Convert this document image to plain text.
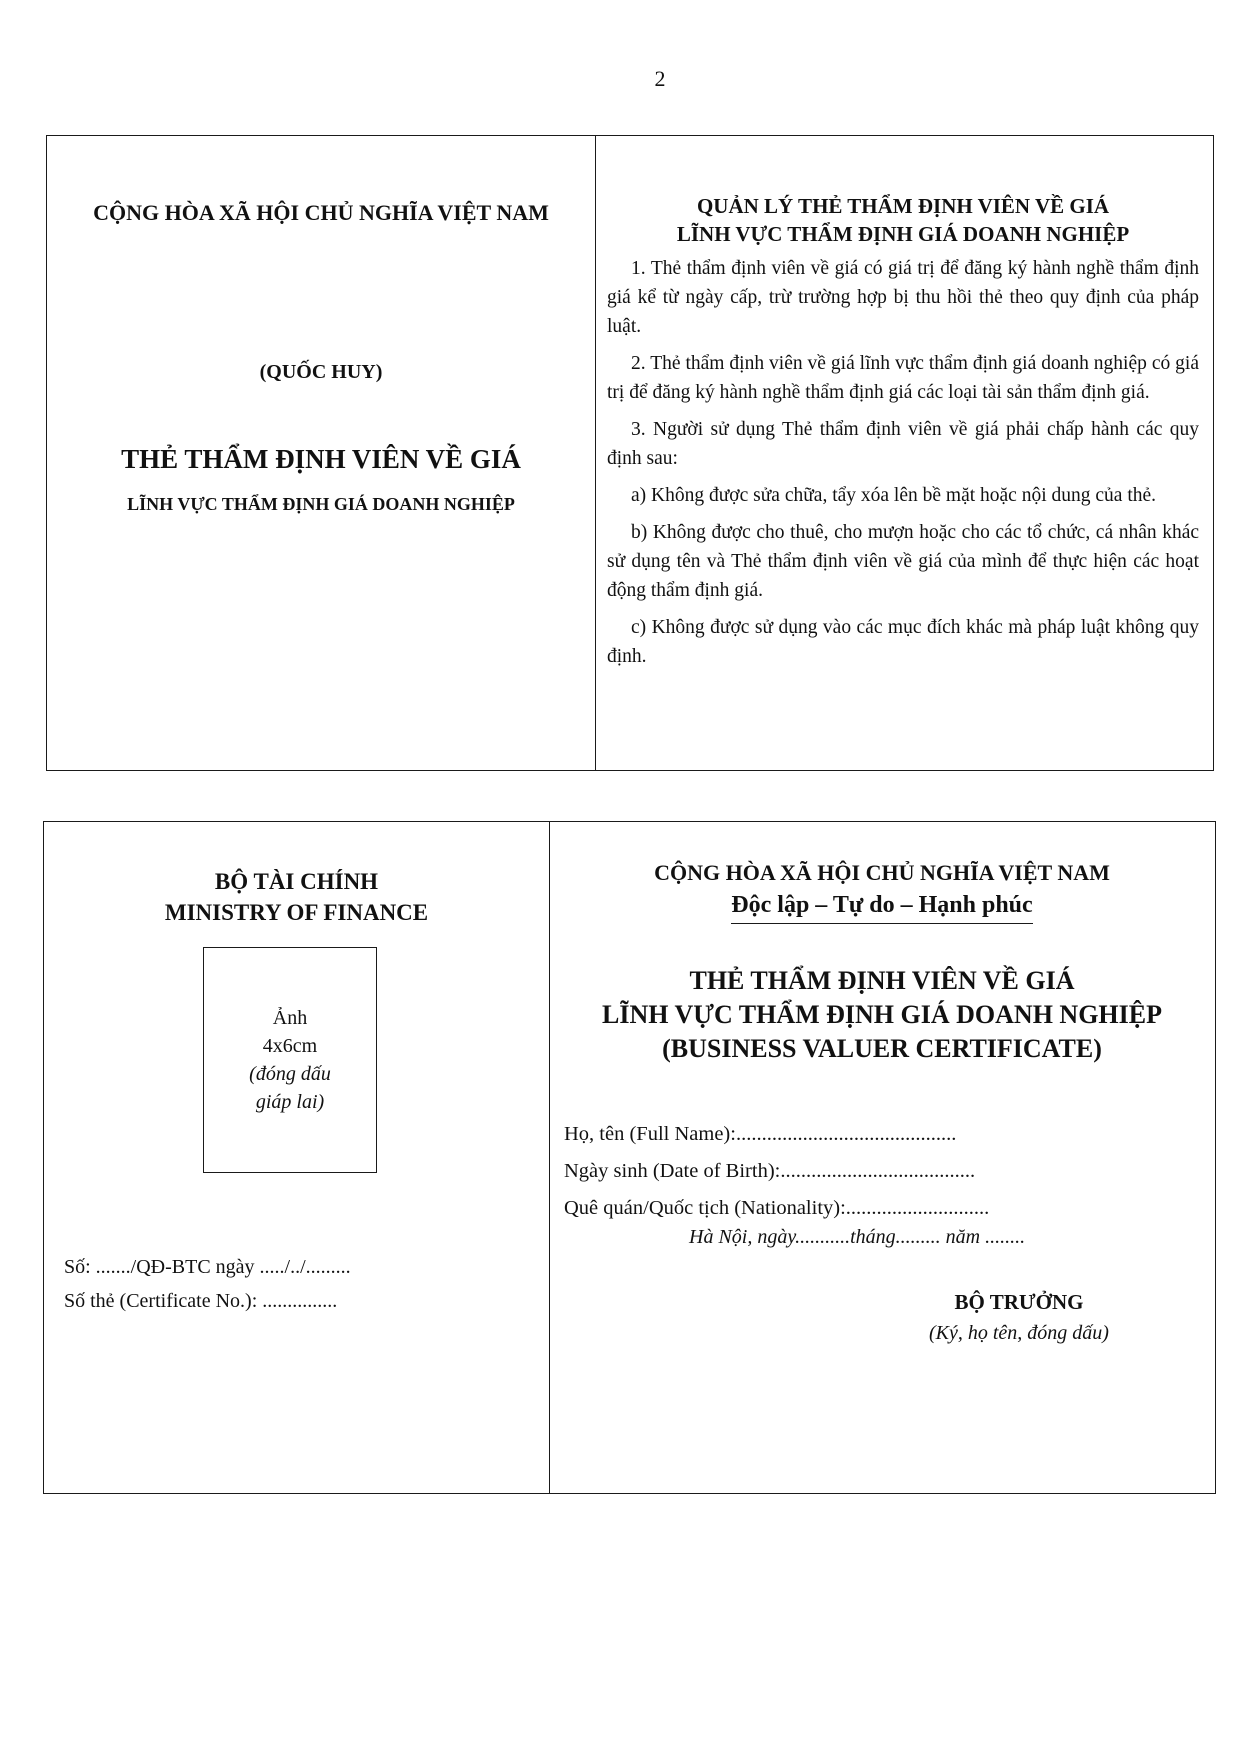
2
CỘNG HÒA XÃ HỘI CHỦ NGHĨA VIỆT NAM
(QUỐC HUY)
THẺ THẨM ĐỊNH VIÊN VỀ GIÁ
LĨNH VỰC THẨM ĐỊNH GIÁ DOANH NGHIỆP
QUẢN LÝ THẺ THẨM ĐỊNH VIÊN VỀ GIÁ
LĨNH VỰC THẨM ĐỊNH GIÁ DOANH NGHIỆP

1. Thẻ thẩm định viên về giá có giá trị để đăng ký hành nghề thẩm định giá kể từ ngày cấp, trừ trường hợp bị thu hồi thẻ theo quy định của pháp luật.

2. Thẻ thẩm định viên về giá lĩnh vực thẩm định giá doanh nghiệp có giá trị để đăng ký hành nghề thẩm định giá các loại tài sản thẩm định giá.

3. Người sử dụng Thẻ thẩm định viên về giá phải chấp hành các quy định sau:

a) Không được sửa chữa, tẩy xóa lên bề mặt hoặc nội dung của thẻ.

b) Không được cho thuê, cho mượn hoặc cho các tổ chức, cá nhân khác sử dụng tên và Thẻ thẩm định viên về giá của mình để thực hiện các hoạt động thẩm định giá.

c) Không được sử dụng vào các mục đích khác mà pháp luật không quy định.

BỘ TÀI CHÍNH
MINISTRY OF FINANCE
Ảnh
4x6cm
(đóng dấu
giáp lai)
Số: ......./QĐ-BTC ngày ...../../.........
Số thẻ (Certificate No.): ...............
CỘNG HÒA XÃ HỘI CHỦ NGHĨA VIỆT NAM
Độc lập – Tự do – Hạnh phúc
THẺ THẨM ĐỊNH VIÊN VỀ GIÁ
LĨNH VỰC THẨM ĐỊNH GIÁ DOANH NGHIỆP
(BUSINESS VALUER CERTIFICATE)
Họ, tên (Full Name):...........................................
Ngày sinh (Date of Birth):......................................
Quê quán/Quốc tịch (Nationality):............................
Hà Nội, ngày...........tháng......... năm ........
BỘ TRƯỞNG
(Ký, họ tên, đóng dấu)
